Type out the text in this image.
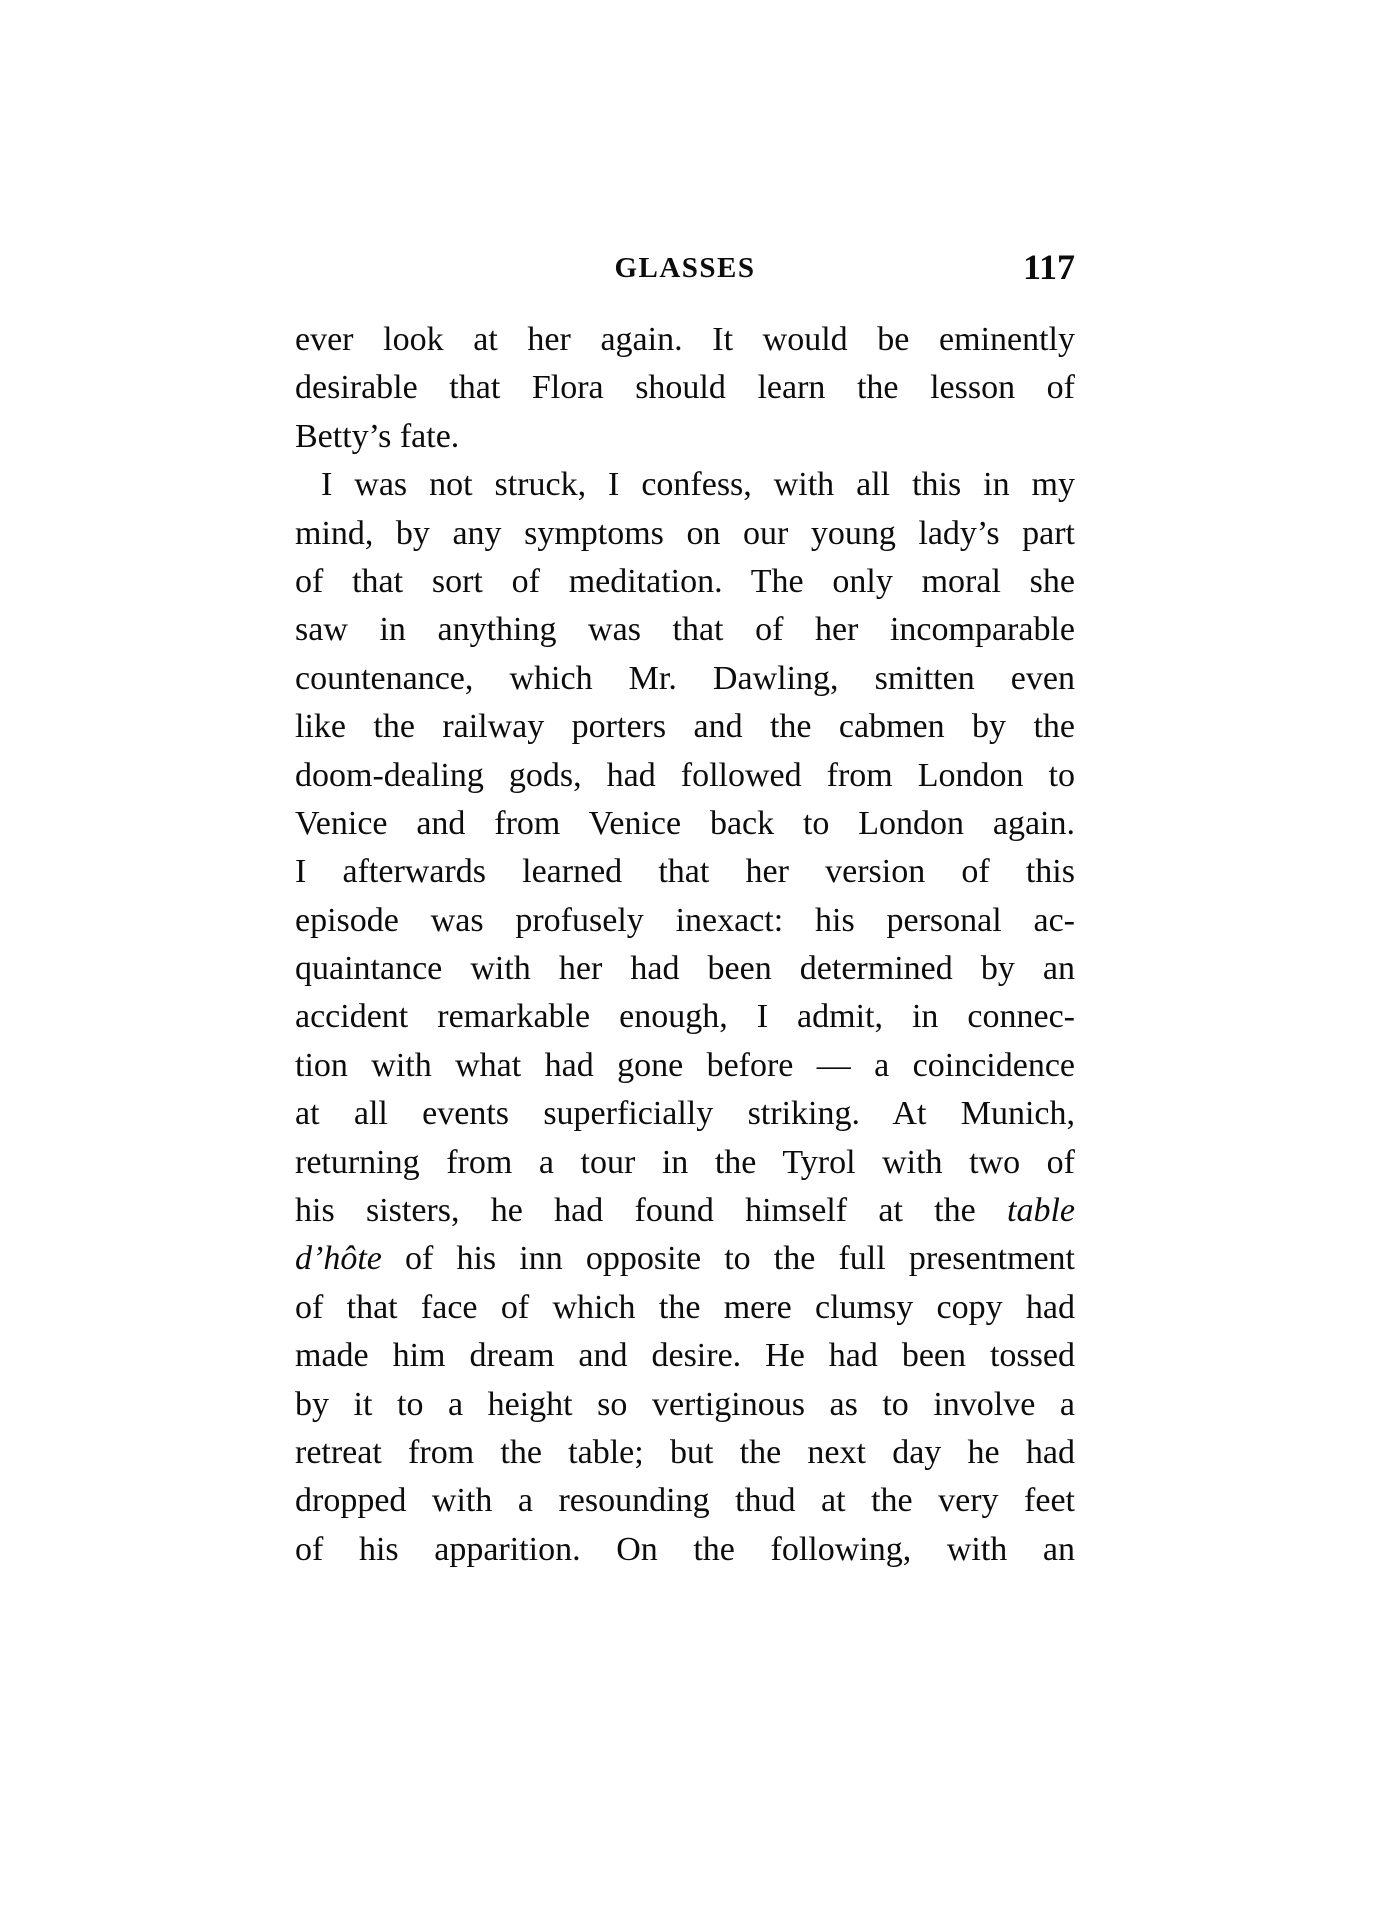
GLASSES	117
ever look at her again. It would be eminently
desirable that Flora should learn the lesson of
Betty’s fate.
I was not struck, I confess, with all this in my
mind, by any symptoms on our young lady’s part
of that sort of meditation. The only moral she
saw in anything was that of her incomparable
countenance, which Mr. Dawling, smitten even
like the railway porters and the cabmen by the
doom-dealing gods, had followed from London to
Venice and from Venice back to London again.
I afterwards learned that her version of this
episode was profusely inexact: his personal ac-
quaintance with her had been determined by an
accident remarkable enough, I admit, in connec-
tion with what had gone before — a coincidence
at all events superficially striking. At Munich,
returning from a tour in the Tyrol with two of
his sisters, he had found himself at the table
d’hôte of his inn opposite to the full presentment
of that face of which the mere clumsy copy had
made him dream and desire. He had been tossed
by it to a height so vertiginous as to involve a
retreat from the table; but the next day he had
dropped with a resounding thud at the very feet
of his apparition. On the following, with an
